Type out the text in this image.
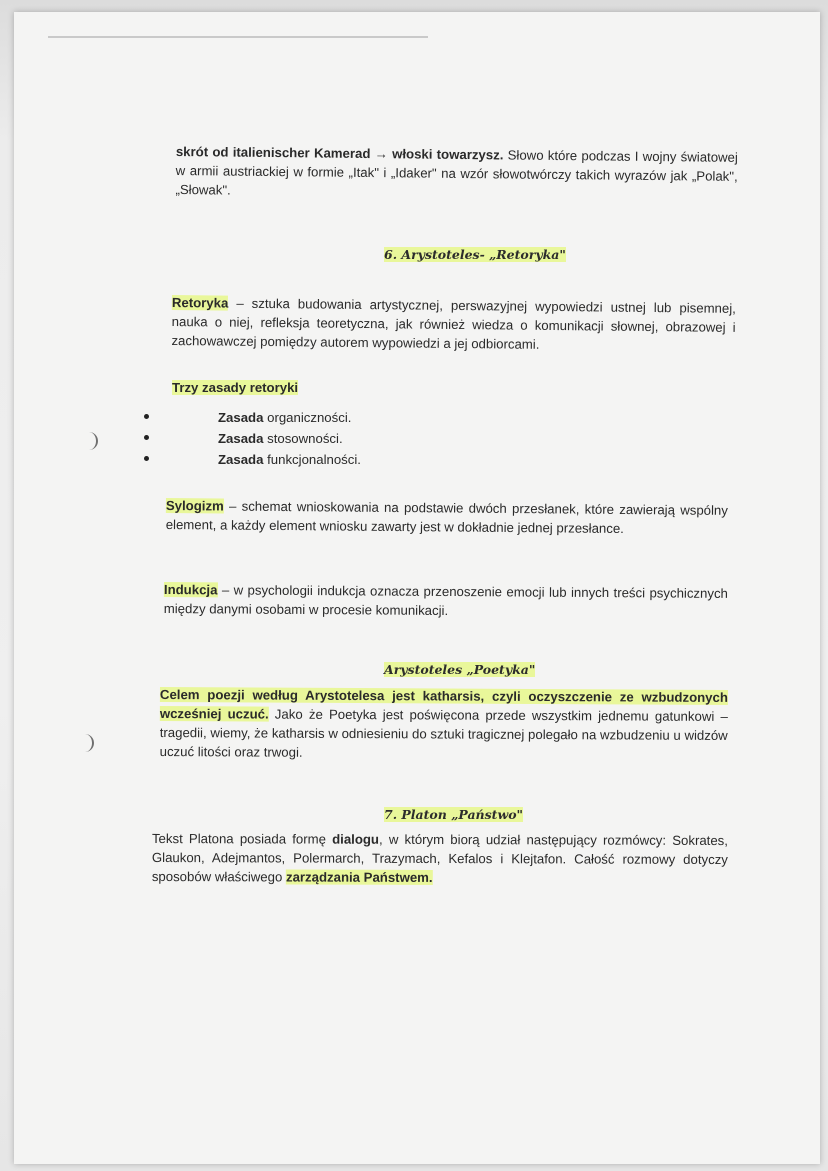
skrót od italienischer Kamerad → włoski towarzysz. Słowo które podczas I wojny światowej w armii austriackiej w formie „Itak" i „Idaker" na wzór słowotwórczy takich wyrazów jak „Polak", „Słowak".
6. Arystoteles- „Retoryka"
Retoryka – sztuka budowania artystycznej, perswazyjnej wypowiedzi ustnej lub pisemnej, nauka o niej, refleksja teoretyczna, jak również wiedza o komunikacji słownej, obrazowej i zachowawczej pomiędzy autorem wypowiedzi a jej odbiorcami.
Trzy zasady retoryki
Zasada organiczności.
Zasada stosowności.
Zasada funkcjonalności.
Sylogizm – schemat wnioskowania na podstawie dwóch przesłanek, które zawierają wspólny element, a każdy element wniosku zawarty jest w dokładnie jednej przesłance.
Indukcja – w psychologii indukcja oznacza przenoszenie emocji lub innych treści psychicznych między danymi osobami w procesie komunikacji.
Arystoteles „Poetyka"
Celem poezji według Arystotelesa jest katharsis, czyli oczyszczenie ze wzbudzonych wcześniej uczuć. Jako że Poetyka jest poświęcona przede wszystkim jednemu gatunkowi – tragedii, wiemy, że katharsis w odniesieniu do sztuki tragicznej polegało na wzbudzeniu u widzów uczuć litości oraz trwogi.
7. Platon „Państwo"
Tekst Platona posiada formę dialogu, w którym biorą udział następujący rozmówcy: Sokrates, Glaukon, Adejmantos, Polermarch, Trazymach, Kefalos i Klejtafon. Całość rozmowy dotyczy sposobów właściwego zarządzania Państwem.
